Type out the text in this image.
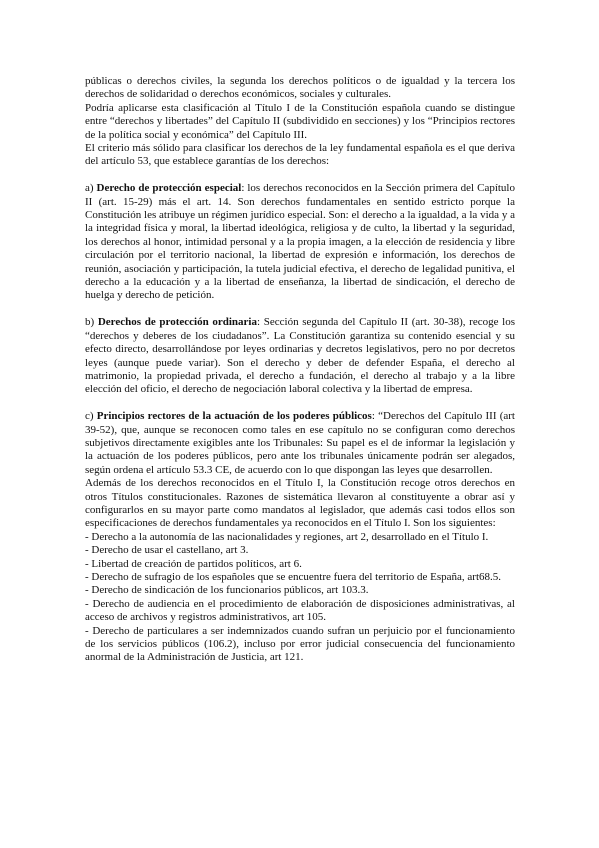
públicas o derechos civiles, la segunda los derechos políticos o de igualdad y la tercera los derechos de solidaridad o derechos económicos, sociales y culturales.

Podría aplicarse esta clasificación al Título I de la Constitución española cuando se distingue entre “derechos y libertades” del Capítulo II (subdividido en secciones) y los “Principios rectores de la política social y económica” del Capítulo III.

El criterio más sólido para clasificar los derechos de la ley fundamental española es el que deriva del artículo 53, que establece garantías de los derechos:

a) Derecho de protección especial: los derechos reconocidos en la Sección primera del Capítulo II (art. 15-29) más el art. 14. Son derechos fundamentales en sentido estricto porque la Constitución les atribuye un régimen jurídico especial. Son: el derecho a la igualdad, a la vida y a la integridad física y moral, la libertad ideológica, religiosa y de culto, la libertad y la seguridad, los derechos al honor, intimidad personal y a la propia imagen, a la elección de residencia y libre circulación por el territorio nacional, la libertad de expresión e información, los derechos de reunión, asociación y participación, la tutela judicial efectiva, el derecho de legalidad punitiva, el derecho a la educación y a la libertad de enseñanza, la libertad de sindicación, el derecho de huelga y derecho de petición.

b) Derechos de protección ordinaria: Sección segunda del Capítulo II (art. 30-38), recoge los “derechos y deberes de los ciudadanos”. La Constitución garantiza su contenido esencial y su efecto directo, desarrollándose por leyes ordinarias y decretos legislativos, pero no por decretos leyes (aunque puede variar). Son el derecho y deber de defender España, el derecho al matrimonio, la propiedad privada, el derecho a fundación, el derecho al trabajo y a la libre elección del oficio, el derecho de negociación laboral colectiva y la libertad de empresa.

c) Principios rectores de la actuación de los poderes públicos: “Derechos del Capítulo III (art 39-52), que, aunque se reconocen como tales en ese capítulo no se configuran como derechos subjetivos directamente exigibles ante los Tribunales: Su papel es el de informar la legislación y la actuación de los poderes públicos, pero ante los tribunales únicamente podrán ser alegados, según ordena el artículo 53.3 CE, de acuerdo con lo que dispongan las leyes que desarrollen.

Además de los derechos reconocidos en el Título I, la Constitución recoge otros derechos en otros Títulos constitucionales. Razones de sistemática llevaron al constituyente a obrar así y configurarlos en su mayor parte como mandatos al legislador, que además casi todos ellos son especificaciones de derechos fundamentales ya reconocidos en el Título I. Son los siguientes:

- Derecho a la autonomía de las nacionalidades y regiones, art 2, desarrollado en el Título I.

- Derecho de usar el castellano, art 3.

- Libertad de creación de partidos políticos, art 6.

- Derecho de sufragio de los españoles que se encuentre fuera del territorio de España, art68.5.

- Derecho de sindicación de los funcionarios públicos, art 103.3.

- Derecho de audiencia en el procedimiento de elaboración de disposiciones administrativas, al acceso de archivos y registros administrativos, art 105.

- Derecho de particulares a ser indemnizados cuando sufran un perjuicio por el funcionamiento de los servicios públicos (106.2), incluso por error judicial consecuencia del funcionamiento anormal de la Administración de Justicia, art 121.
